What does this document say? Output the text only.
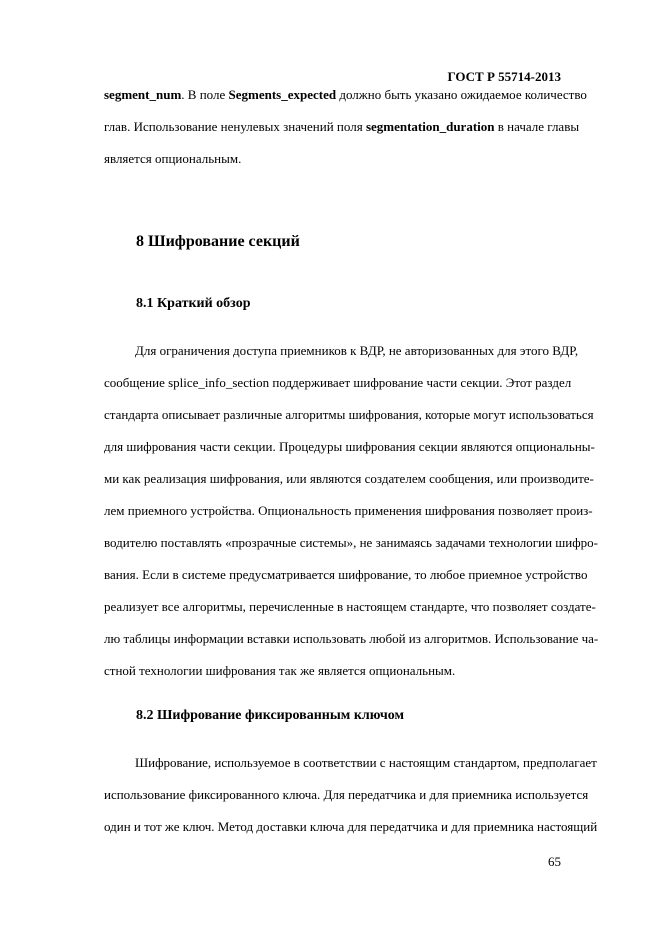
ГОСТ Р 55714-2013
segment_num. В поле Segments_expected должно быть указано ожидаемое количество
глав. Использование ненулевых значений поля segmentation_duration в начале главы
является опциональным.
8 Шифрование секций
8.1 Краткий обзор
Для ограничения доступа приемников к ВДР, не авторизованных для этого ВДР,
сообщение splice_info_section поддерживает шифрование части секции. Этот раздел
стандарта описывает различные алгоритмы шифрования, которые могут использоваться
для шифрования части секции. Процедуры шифрования секции являются опциональны-
ми как реализация шифрования, или являются создателем сообщения, или производите-
лем приемного устройства. Опциональность применения шифрования позволяет произ-
водителю поставлять «прозрачные системы», не занимаясь задачами технологии шифро-
вания. Если в системе предусматривается шифрование, то любое приемное устройство
реализует все алгоритмы, перечисленные в настоящем стандарте, что позволяет создате-
лю таблицы информации вставки использовать любой из алгоритмов. Использование ча-
стной технологии шифрования так же является опциональным.
8.2 Шифрование фиксированным ключом
Шифрование, используемое в соответствии с настоящим стандартом, предполагает
использование фиксированного ключа. Для передатчика и для приемника используется
один и тот же ключ. Метод доставки ключа для передатчика и для приемника настоящий
65
